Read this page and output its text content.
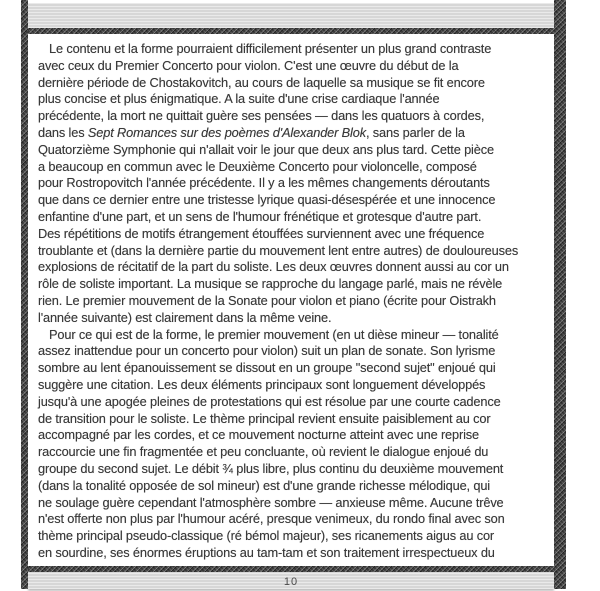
Le contenu et la forme pourraient difficilement présenter un plus grand contraste
avec ceux du Premier Concerto pour violon. C'est une œuvre du début de la
dernière période de Chostakovitch, au cours de laquelle sa musique se fit encore
plus concise et plus énigmatique. A la suite d'une crise cardiaque l'année
précédente, la mort ne quittait guère ses pensées — dans les quatuors à cordes,
dans les Sept Romances sur des poèmes d'Alexander Blok, sans parler de la
Quatorzième Symphonie qui n'allait voir le jour que deux ans plus tard. Cette pièce
a beaucoup en commun avec le Deuxième Concerto pour violoncelle, composé
pour Rostropovitch l'année précédente. Il y a les mêmes changements déroutants
que dans ce dernier entre une tristesse lyrique quasi-désespérée et une innocence
enfantine d'une part, et un sens de l'humour frénétique et grotesque d'autre part.
Des répétitions de motifs étrangement étouffées surviennent avec une fréquence
troublante et (dans la dernière partie du mouvement lent entre autres) de douloureuses
explosions de récitatif de la part du soliste. Les deux œuvres donnent aussi au cor un
rôle de soliste important. La musique se rapproche du langage parlé, mais ne révèle
rien. Le premier mouvement de la Sonate pour violon et piano (écrite pour Oistrakh
l'année suivante) est clairement dans la même veine.
Pour ce qui est de la forme, le premier mouvement (en ut dièse mineur — tonalité
assez inattendue pour un concerto pour violon) suit un plan de sonate. Son lyrisme
sombre au lent épanouissement se dissout en un groupe "second sujet" enjoué qui
suggère une citation. Les deux éléments principaux sont longuement développés
jusqu'à une apogée pleines de protestations qui est résolue par une courte cadence
de transition pour le soliste. Le thème principal revient ensuite paisiblement au cor
accompagné par les cordes, et ce mouvement nocturne atteint avec une reprise
raccourcie une fin fragmentée et peu concluante, où revient le dialogue enjoué du
groupe du second sujet. Le débit ¾ plus libre, plus continu du deuxième mouvement
(dans la tonalité opposée de sol mineur) est d'une grande richesse mélodique, qui
ne soulage guère cependant l'atmosphère sombre — anxieuse même. Aucune trêve
n'est offerte non plus par l'humour acéré, presque venimeux, du rondo final avec son
thème principal pseudo-classique (ré bémol majeur), ses ricanements aigus au cor
en sourdine, ses énormes éruptions au tam-tam et son traitement irrespectueux du
10
